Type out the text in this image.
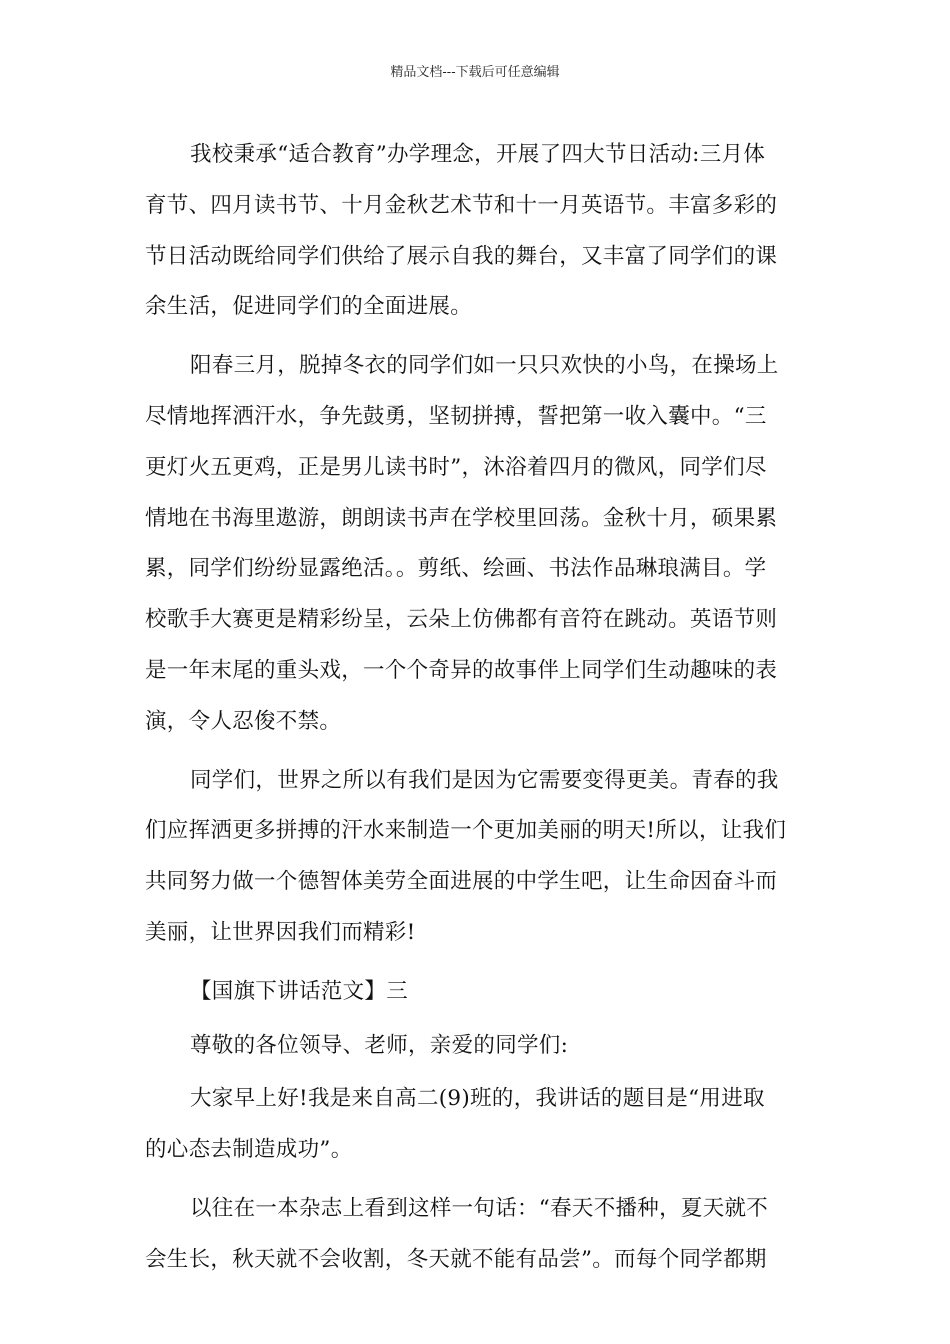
精品文档---下载后可任意编辑
我校秉承“适合教育”办学理念，开展了四大节日活动:三月体
育节、四月读书节、十月金秋艺术节和十一月英语节。丰富多彩的
节日活动既给同学们供给了展示自我的舞台，又丰富了同学们的课
余生活，促进同学们的全面进展。
阳春三月，脱掉冬衣的同学们如一只只欢快的小鸟，在操场上
尽情地挥洒汗水，争先鼓勇，坚韧拼搏，誓把第一收入囊中。“三
更灯火五更鸡，正是男儿读书时”，沐浴着四月的微风，同学们尽
情地在书海里遨游，朗朗读书声在学校里回荡。金秋十月，硕果累
累，同学们纷纷显露绝活。。剪纸、绘画、书法作品琳琅满目。学
校歌手大赛更是精彩纷呈，云朵上仿佛都有音符在跳动。英语节则
是一年末尾的重头戏，一个个奇异的故事伴上同学们生动趣味的表
演，令人忍俊不禁。
同学们，世界之所以有我们是因为它需要变得更美。青春的我
们应挥洒更多拼搏的汗水来制造一个更加美丽的明天!所以，让我们
共同努力做一个德智体美劳全面进展的中学生吧，让生命因奋斗而
美丽，让世界因我们而精彩!
【国旗下讲话范文】三
尊敬的各位领导、老师，亲爱的同学们:
大家早上好!我是来自高二(9)班的，我讲话的题目是“用进取
的心态去制造成功”。
以往在一本杂志上看到这样一句话：“春天不播种，夏天就不
会生长，秋天就不会收割，冬天就不能有品尝”。而每个同学都期
